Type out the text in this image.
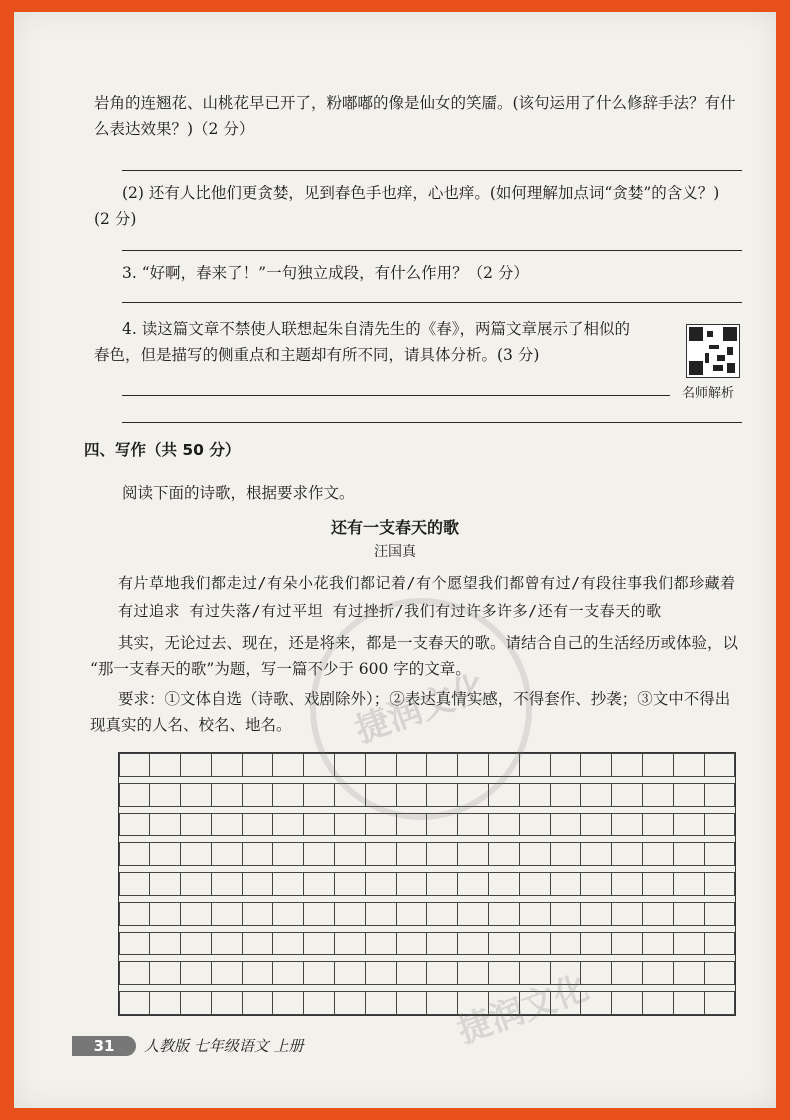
岩角的连翘花、山桃花早已开了，粉嘟嘟的像是仙女的笑靥。(该句运用了什么修辞手法？有什
么表达效果？)（2 分）
(2) 还有人比他们更贪婪，见到春色手也痒，心也痒。(如何理解加点词“贪婪”的含义？)
(2 分)
3. “好啊，春来了！”一句独立成段，有什么作用？（2 分）
4. 读这篇文章不禁使人联想起朱自清先生的《春》，两篇文章展示了相似的
春色，但是描写的侧重点和主题却有所不同，请具体分析。(3 分)
名师解析
四、写作（共 50 分）
阅读下面的诗歌，根据要求作文。
还有一支春天的歌
汪国真
有片草地我们都走过/有朵小花我们都记着/有个愿望我们都曾有过/有段往事我们都珍藏着
有过追求 有过失落/有过平坦 有过挫折/我们有过许多许多/还有一支春天的歌
其实，无论过去、现在，还是将来，都是一支春天的歌。请结合自己的生活经历或体验，以
“那一支春天的歌”为题，写一篇不少于 600 字的文章。
要求：①文体自选（诗歌、戏剧除外）；②表达真情实感，不得套作、抄袭；③文中不得出
现真实的人名、校名、地名。	捷润文化
捷润文化
31	人教版 七年级语文 上册
